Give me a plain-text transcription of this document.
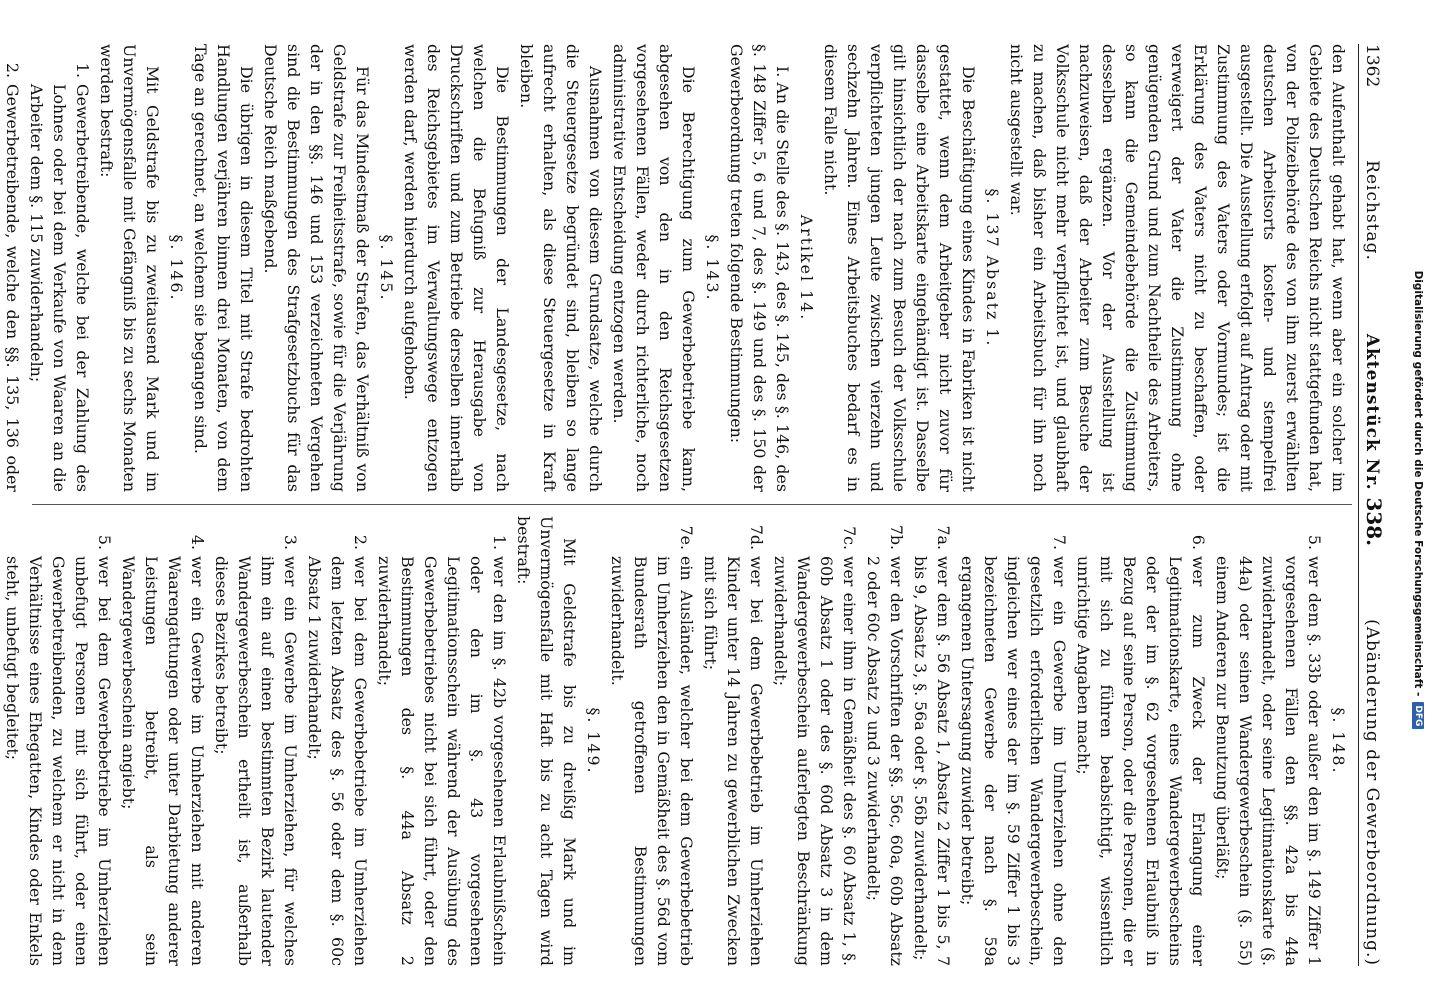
Digitalisierung gefördert durch die Deutsche Forschungsgemeinschaft -
DFG
1362
Reichstag.
Aktenstück Nr. 338.
(Abänderung der Gewerbeordnung.)

den Aufenthalt gehabt hat, wenn aber ein solcher im Gebiete des Deutschen Reichs nicht stattgefunden hat, von der Polizeibehörde des von ihm zuerst erwählten deutschen Arbeitsorts kosten- und stempelfrei ausgestellt. Die Ausstellung erfolgt auf Antrag oder mit Zustimmung des Vaters oder Vormundes; ist die Erklärung des Vaters nicht zu beschaffen, oder verweigert der Vater die Zustimmung ohne genügenden Grund und zum Nachtheile des Arbeiters, so kann die Gemeindebehörde die Zustimmung desselben ergänzen. Vor der Ausstellung ist nachzuweisen, daß der Arbeiter zum Besuche der Volksschule nicht mehr verpflichtet ist, und glaubhaft zu machen, daß bisher ein Arbeitsbuch für ihn noch nicht ausgestellt war.

§. 137 Absatz 1.

Die Beschäftigung eines Kindes in Fabriken ist nicht gestattet, wenn dem Arbeitgeber nicht zuvor für dasselbe eine Arbeitskarte eingehändigt ist. Dasselbe gilt hinsichtlich der nach zum Besuch der Volksschule verpflichteten jungen Leute zwischen vierzehn und sechzehn Jahren. Eines Arbeitsbuches bedarf es in diesem Falle nicht.

Artikel 14.

I. An die Stelle des §. 143, des §. 145, des §. 146, des §. 148 Ziffer 5, 6 und 7, des §. 149 und des §. 150 der Gewerbeordnung treten folgende Bestimmungen:

§. 143.

Die Berechtigung zum Gewerbebetriebe kann, abgesehen von den in den Reichsgesetzen vorgesehenen Fällen, weder durch richterliche, noch administrative Entscheidung entzogen werden.

Ausnahmen von diesem Grundsatze, welche durch die Steuergesetze begründet sind, bleiben so lange aufrecht erhalten, als diese Steuergesetze in Kraft bleiben.

Die Bestimmungen der Landesgesetze, nach welchen die Befugniß zur Herausgabe von Druckschriften und zum Betriebe derselben innerhalb des Reichsgebietes im Verwaltungswege entzogen werden darf, werden hierdurch aufgehoben.

§. 145.

Für das Mindestmaß der Strafen, das Verhältniß von Geldstrafe zur Freiheitsstrafe, sowie für die Verjährung der in den §§. 146 und 153 verzeichneten Vergehen sind die Bestimmungen des Strafgesetzbuchs für das Deutsche Reich maßgebend.

Die übrigen in diesem Titel mit Strafe bedrohten Handlungen verjähren binnen drei Monaten, von dem Tage an gerechnet, an welchem sie begangen sind.

§. 146.

Mit Geldstrafe bis zu zweitausend Mark und im Unvermögensfalle mit Gefängniß bis zu sechs Monaten werden bestraft:

1.
Gewerbetreibende, welche bei der Zahlung des Lohnes oder bei dem Verkaufe von Waaren an die Arbeiter dem §. 115 zuwiderhandeln;
2.
Gewerbetreibende, welche den §§. 135, 136 oder

§. 148.

5.
wer dem §. 33b oder außer den im §. 149 Ziffer 1 vorgesehenen Fällen den §§. 42a bis 44a zuwiderhandelt, oder seine Legitimationskarte (§. 44a) oder seinen Wandergewerbeschein (§. 55) einem Anderen zur Benutzung überläßt;
6.
wer zum Zweck der Erlangung einer Legitimationskarte, eines Wandergewerbescheins oder der im §. 62 vorgesehenen Erlaubniß in Bezug auf seine Person, oder die Personen, die er mit sich zu führen beabsichtigt, wissentlich unrichtige Angaben macht;
7.
wer ein Gewerbe im Umherziehen ohne den gesetzlich erforderlichen Wandergewerbeschein, ingleichen wer eines der im §. 59 Ziffer 1 bis 3 bezeichneten Gewerbe der nach §. 59a ergangenen Untersagung zuwider betreibt;
7a.
wer dem §. 56 Absatz 1, Absatz 2 Ziffer 1 bis 5, 7 bis 9, Absatz 3, §. 56a oder §. 56b zuwiderhandelt;
7b.
wer den Vorschriften der §§. 56c, 60a, 60b Absatz 2 oder 60c Absatz 2 und 3 zuwiderhandelt;
7c.
wer einer ihm in Gemäßheit des §. 60 Absatz 1, §. 60b Absatz 1 oder des §. 60d Absatz 3 in dem Wandergewerbeschein auferlegten Beschränkung zuwiderhandelt;
7d.
wer bei dem Gewerbebetrieb im Umherziehen Kinder unter 14 Jahren zu gewerblichen Zwecken mit sich führt;
7e.
ein Ausländer, welcher bei dem Gewerbebetrieb im Umherziehen den in Gemäßheit des §. 56d vom Bundesrath getroffenen Bestimmungen zuwiderhandelt.

§. 149.

Mit Geldstrafe bis zu dreißig Mark und im Unvermögensfalle mit Haft bis zu acht Tagen wird bestraft:

1.
wer den im §. 42b vorgesehenen Erlaubnißschein oder den im §. 43 vorgesehenen Legitimationsschein während der Ausübung des Gewerbebetriebes nicht bei sich führt, oder den Bestimmungen des §. 44a Absatz 2 zuwiderhandelt;
2.
wer bei dem Gewerbebetriebe im Umherziehen dem letzten Absatz des §. 56 oder dem §. 60c Absatz 1 zuwiderhandelt;
3.
wer ein Gewerbe im Umherziehen, für welches ihm ein auf einen bestimmten Bezirk lautender Wandergewerbeschein ertheilt ist, außerhalb dieses Bezirkes betreibt;
4.
wer ein Gewerbe im Umherziehen mit anderen Waarengattungen oder unter Darbietung anderer Leistungen betreibt, als sein Wandergewerbeschein angiebt;
5.
wer bei dem Gewerbebetriebe im Umherziehen unbefugt Personen mit sich führt, oder einen Gewerbetreibenden, zu welchem er nicht in dem Verhältnisse eines Ehegatten, Kindes oder Enkels steht, unbefugt begleitet;
